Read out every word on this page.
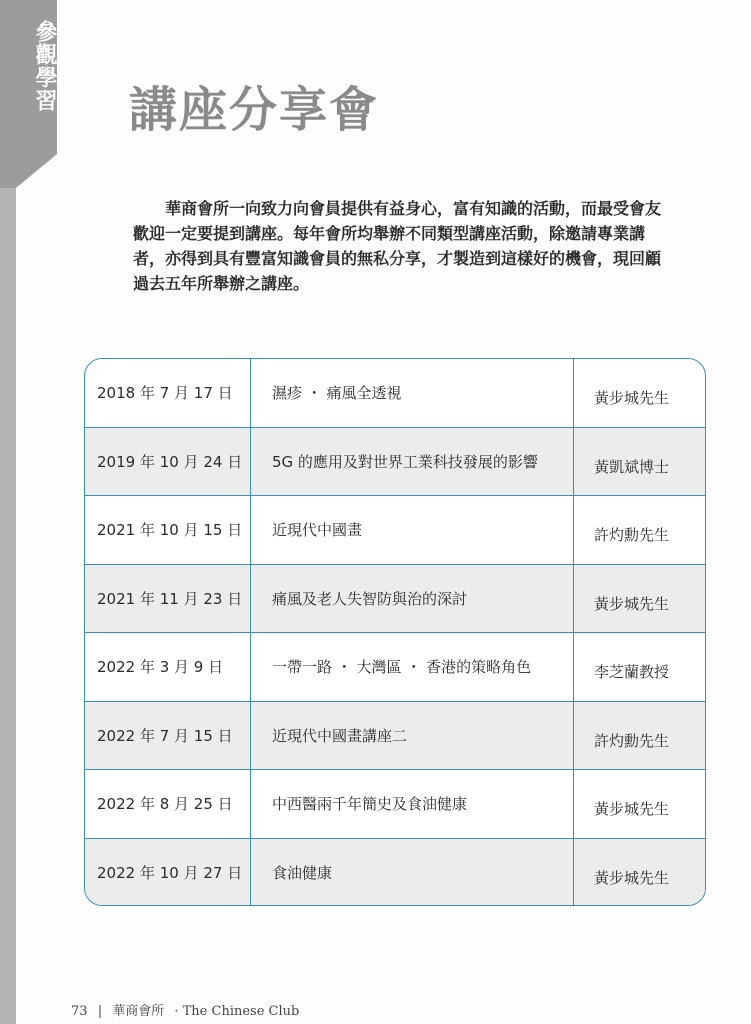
參觀學習 講座分享會

華商會所一向致力向會員提供有益身心，富有知識的活動，而最受會友歡迎一定要提到講座。每年會所均舉辦不同類型講座活動，除邀請專業講者，亦得到具有豐富知識會員的無私分享，才製造到這樣好的機會，現回顧過去五年所舉辦之講座。

2018 年 7 月 17 日	濕疹 ・ 痛風全透視	黃步城先生
2019 年 10 月 24 日	5G 的應用及對世界工業科技發展的影響	黃凱斌博士
2021 年 10 月 15 日	近現代中國畫	許灼勳先生
2021 年 11 月 23 日	痛風及老人失智防與治的深討	黃步城先生
2022 年 3 月 9 日	一帶一路 ・ 大灣區 ・ 香港的策略角色	李芝蘭教授
2022 年 7 月 15 日	近現代中國畫講座二	許灼勳先生
2022 年 8 月 25 日	中西醫兩千年簡史及食油健康	黃步城先生
2022 年 10 月 27 日	食油健康	黃步城先生
73 | 華商會所 · The Chinese Club
